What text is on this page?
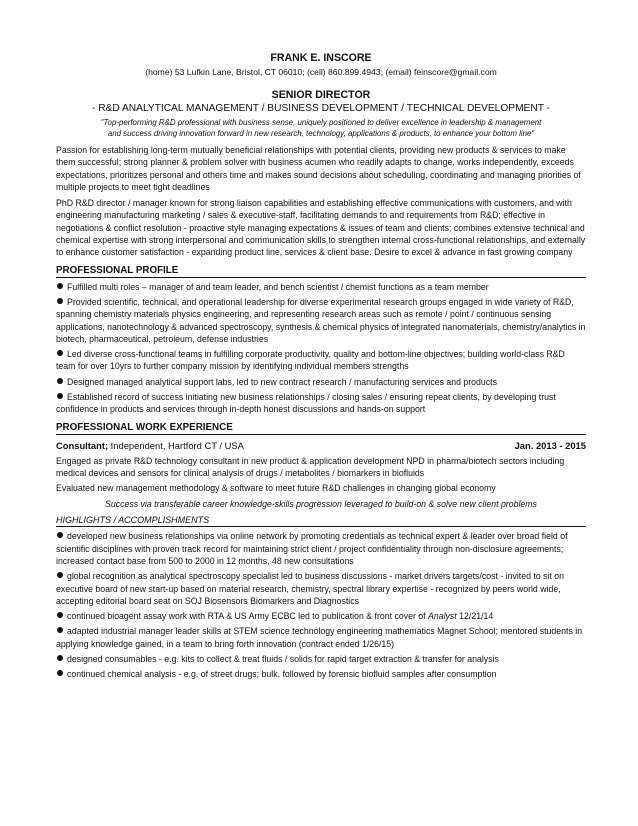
FRANK E. INSCORE
(home) 53 Lufkin Lane, Bristol, CT 06010; (cell) 860.899.4943; (email) feinscore@gmail.com
SENIOR DIRECTOR
- R&D ANALYTICAL MANAGEMENT / BUSINESS DEVELOPMENT / TECHNICAL DEVELOPMENT -
"Top-performing R&D professional with business sense, uniquely positioned to deliver excellence in leadership & management
and success driving innovation forward in new research, technology, applications & products, to enhance your bottom line"

Passion for establishing long-term mutually beneficial relationships with potential clients, providing new products & services to make them successful; strong planner & problem solver with business acumen who readily adapts to change, works independently, exceeds expectations, prioritizes personal and others time and makes sound decisions about scheduling, coordinating and managing priorities of multiple projects to meet tight deadlines

PhD R&D director / manager known for strong liaison capabilities and establishing effective communications with customers, and with engineering manufacturing marketing / sales & executive-staff, facilitating demands to and requirements from R&D; effective in negotiations & conflict resolution - proactive style managing expectations & issues of team and clients; combines extensive technical and chemical expertise with strong interpersonal and communication skills to strengthen internal cross-functional relationships, and externally to enhance customer satisfaction - expanding product line, services & client base. Desire to excel & advance in fast growing company

PROFESSIONAL PROFILE
Fulfilled multi roles – manager of and team leader, and bench scientist / chemist functions as a team member
Provided scientific, technical, and operational leadership for diverse experimental research groups engaged in wide variety of R&D, spanning chemistry materials physics engineering, and representing research areas such as remote / point / continuous sensing applications, nanotechnology & advanced spectroscopy, synthesis & chemical physics of integrated nanomaterials, chemistry/analytics in biotech, pharmaceutical, petroleum, defense industries
Led diverse cross-functional teams in fulfilling corporate productivity, quality and bottom-line objectives; building world-class R&D team for over 10yrs to further company mission by identifying individual members strengths
Designed managed analytical support labs, led to new contract research / manufacturing services and products
Established record of success initiating new business relationships / closing sales / ensuring repeat clients, by developing trust confidence in products and services through in-depth honest discussions and hands-on support
PROFESSIONAL WORK EXPERIENCE
Consultant; Independent, Hartford CT / USA	Jan. 2013 - 2015

Engaged as private R&D technology consultant in new product & application development NPD in pharma/biotech sectors including medical devices and sensors for clinical analysis of drugs / metabolites / biomarkers in biofluids

Evaluated new management methodology & software to meet future R&D challenges in changing global economy

Success via transferable career knowledge-skills progression leveraged to build-on & solve new client problems
HIGHLIGHTS / ACCOMPLISHMENTS
developed new business relationships via online network by promoting credentials as technical expert & leader over broad field of scientific disciplines with proven track record for maintaining strict client / project confidentiality through non-disclosure agreements; increased contact base from 500 to 2000 in 12 months, 48 new consultations
global recognition as analytical spectroscopy specialist led to business discussions - market drivers targets/cost - invited to sit on executive board of new start-up based on material research, chemistry, spectral library expertise - recognized by peers world wide, accepting editorial board seat on SOJ Biosensors Biomarkers and Diagnostics
continued bioagent assay work with RTA & US Army ECBC led to publication & front cover of Analyst 12/21/14
adapted industrial manager leader skills at STEM science technology engineering mathematics Magnet School; mentored students in applying knowledge gained, in a team to bring forth innovation (contract ended 1/26/15)
designed consumables - e.g. kits to collect & treat fluids / solids for rapid target extraction & transfer for analysis
continued chemical analysis - e.g. of street drugs; bulk, followed by forensic biofluid samples after consumption
